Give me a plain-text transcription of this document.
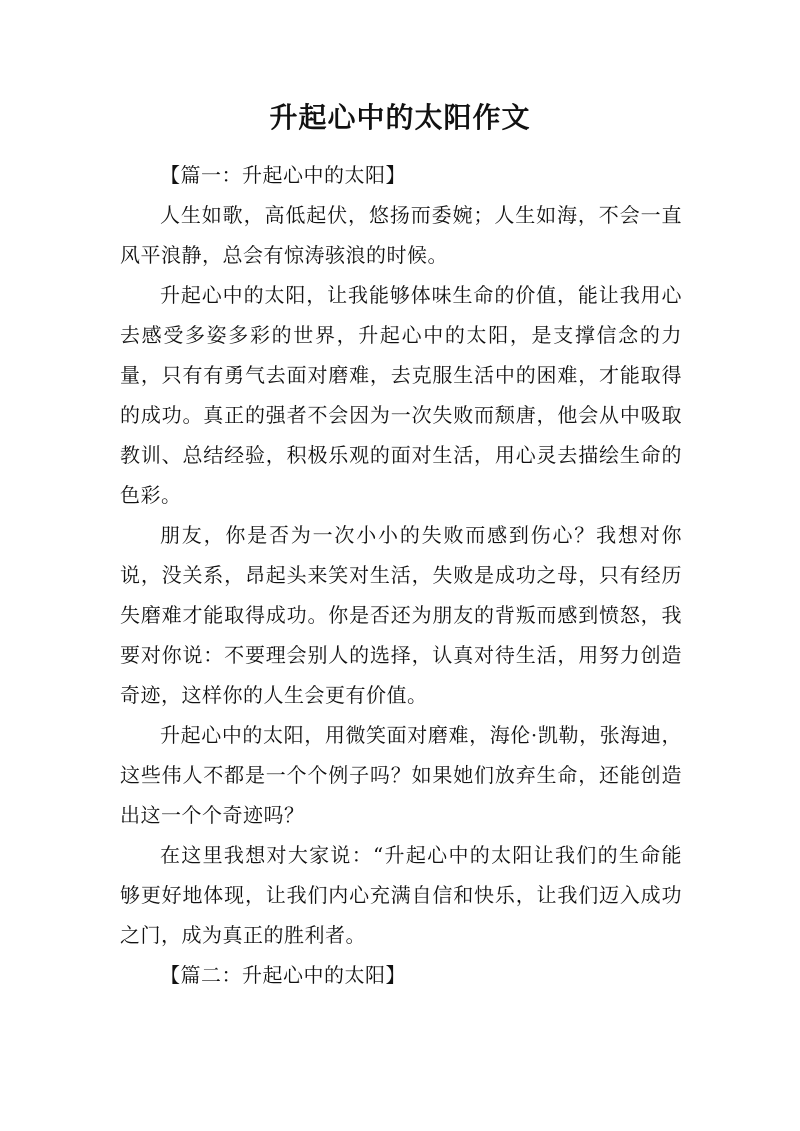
升起心中的太阳作文

【篇一：升起心中的太阳】

人生如歌，高低起伏，悠扬而委婉；人生如海，不会一直风平浪静，总会有惊涛骇浪的时候。

升起心中的太阳，让我能够体味生命的价值，能让我用心去感受多姿多彩的世界，升起心中的太阳，是支撑信念的力量，只有有勇气去面对磨难，去克服生活中的困难，才能取得的成功。真正的强者不会因为一次失败而颓唐，他会从中吸取教训、总结经验，积极乐观的面对生活，用心灵去描绘生命的色彩。

朋友，你是否为一次小小的失败而感到伤心？我想对你说，没关系，昂起头来笑对生活，失败是成功之母，只有经历失磨难才能取得成功。你是否还为朋友的背叛而感到愤怒，我要对你说：不要理会别人的选择，认真对待生活，用努力创造奇迹，这样你的人生会更有价值。

升起心中的太阳，用微笑面对磨难，海伦·凯勒，张海迪，这些伟人不都是一个个例子吗？如果她们放弃生命，还能创造出这一个个奇迹吗？

在这里我想对大家说：“升起心中的太阳让我们的生命能够更好地体现，让我们内心充满自信和快乐，让我们迈入成功之门，成为真正的胜利者。

【篇二：升起心中的太阳】
